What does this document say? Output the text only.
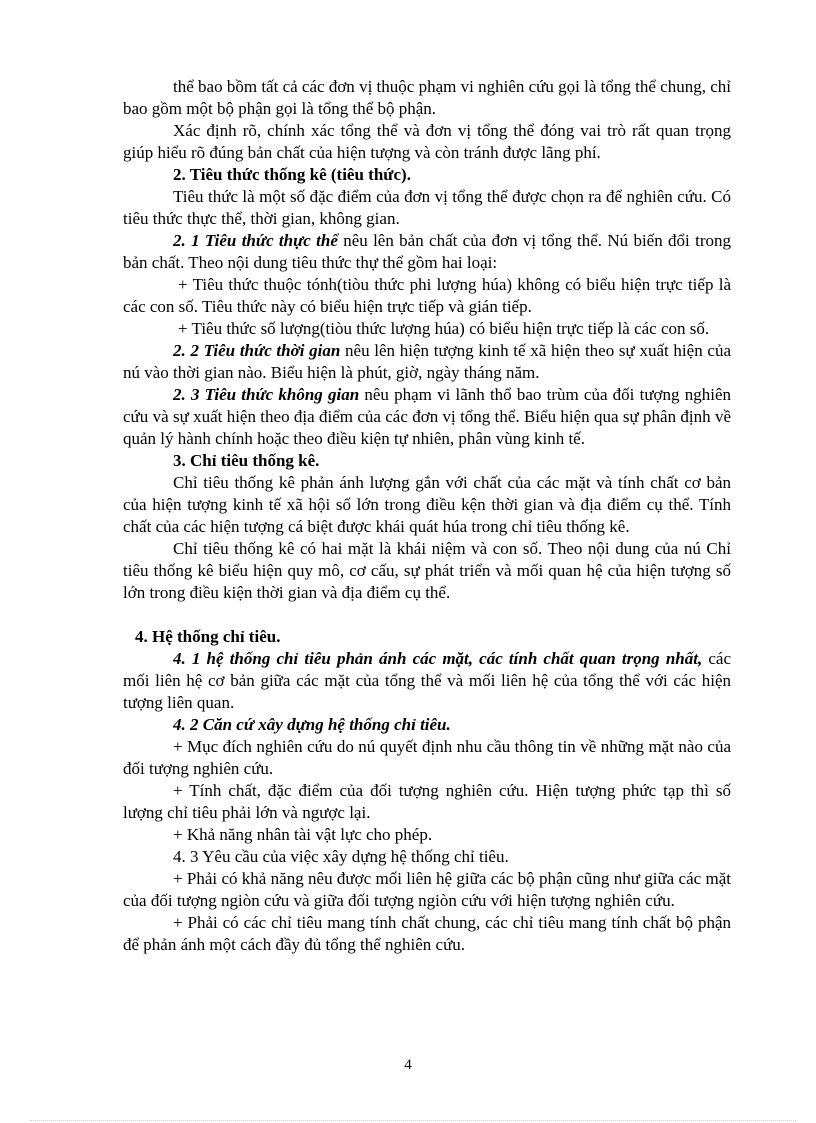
thể bao bồm tất cả các đơn vị thuộc phạm vi nghiên cứu gọi là tổng thể chung, chỉ bao gồm một bộ phận gọi là tổng thể bộ phận.

Xác định rõ, chính xác tổng thể và đơn vị tổng thể đóng vai trò rất quan trọng giúp hiểu rõ đúng bản chất của hiện tượng và còn tránh được lãng phí.

2. Tiêu thức thống kê (tiêu thức).

Tiêu thức là một số đặc điểm của đơn vị tổng thể được chọn ra để nghiên cứu. Có tiêu thức thực thể, thời gian, không gian.

2. 1 Tiêu thức thực thể nêu lên bản chất của đơn vị tổng thể. Nú biến đổi trong bản chất. Theo nội dung tiêu thức thự thể gồm hai loại:

+ Tiêu thức thuộc tónh(tiòu thức phi lượng húa) không có biểu hiện trực tiếp là các con số. Tiêu thức này có biểu hiện trực tiếp và gián tiếp.

+ Tiêu thức số lượng(tiòu thức lượng húa) có biểu hiện trực tiếp là các con số.

2. 2 Tiêu thức thời gian nêu lên hiện tượng kinh tế xã hiện theo sự xuất hiện của nú vào thời gian nào. Biểu hiện là phút, giờ, ngày tháng năm.

2. 3 Tiêu thức không gian nêu phạm vi lãnh thổ bao trùm của đối tượng nghiên cứu và sự xuất hiện theo địa điểm của các đơn vị tổng thể. Biểu hiện qua sự phân định về quản lý hành chính hoặc theo điều kiện tự nhiên, phân vùng kinh tế.

3. Chỉ tiêu thống kê.

Chỉ tiêu thống kê phản ánh lượng gắn với chất của các mặt và tính chất cơ bản của hiện tượng kinh tế xã hội số lớn trong điều kện thời gian và địa điểm cụ thể. Tính chất của các hiện tượng cá biệt được khái quát húa trong chỉ tiêu thống kê.

Chỉ tiêu thống kê có hai mặt là khái niệm và con số. Theo nội dung của nú Chỉ tiêu thống kê biểu hiện quy mô, cơ cấu, sự phát triển và mối quan hệ của hiện tượng số lớn trong điều kiện thời gian và địa điểm cụ thể.

4. Hệ thống chỉ tiêu.

4. 1 hệ thống chỉ tiêu phản ánh các mặt, các tính chất quan trọng nhất, các mối liên hệ cơ bản giữa các mặt của tổng thể và mối liên hệ của tổng thể với các hiện tượng liên quan.

4. 2 Căn cứ xây dựng hệ thống chỉ tiêu.

+ Mục đích nghiên cứu do nú quyết định nhu cầu thông tin về những mặt nào của đối tượng nghiên cứu.

+ Tính chất, đặc điểm của đối tượng nghiên cứu. Hiện tượng phức tạp thì số lượng chỉ tiêu phải lớn và ngược lại.

+ Khả năng nhân tài vật lực cho phép.

4. 3 Yêu cầu của việc xây dựng hệ thống chỉ tiêu.

+ Phải có khả năng nêu được mối liên hệ giữa các bộ phận cũng như giữa các mặt của đối tượng ngiòn cứu và giữa đối tượng ngiòn cứu với hiện tượng nghiên cứu.

+ Phải có các chỉ tiêu mang tính chất chung, các chỉ tiêu mang tính chất bộ phận để phản ánh một cách đầy đủ tổng thể nghiên cứu.

4
